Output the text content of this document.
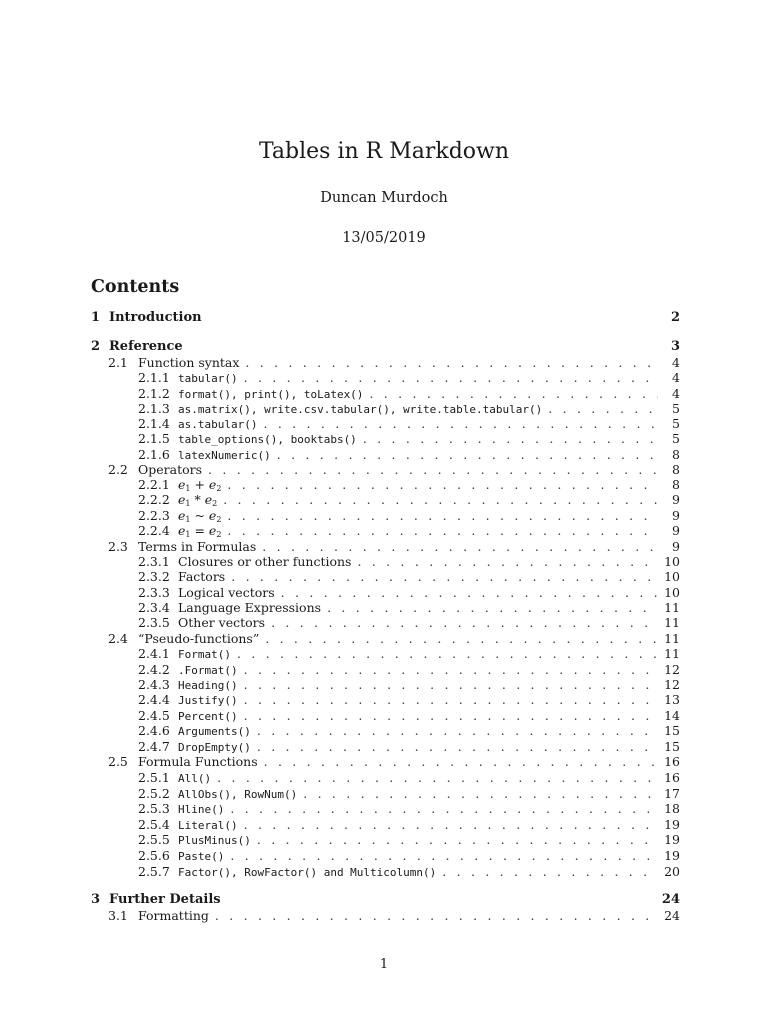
Tables in R Markdown
Duncan Murdoch
13/05/2019
Contents
1 Introduction	2
2 Reference	3
2.1 Function syntax . . .	4
2.1.1 tabular() . . .	4
2.1.2 format(), print(), toLatex() . . .	4
2.1.3 as.matrix(), write.csv.tabular(), write.table.tabular() . . .	5
2.1.4 as.tabular() . . .	5
2.1.5 table_options(), booktabs() . . .	5
2.1.6 latexNumeric() . . .	8
2.2 Operators . . .	8
2.2.1 $e_1 + e_2$ . . .	8
2.2.2 $e_1 * e_2$ . . .	9
2.2.3 $e_1$ ~ $e_2$ . . .	9
2.2.4 $e_1 = e_2$ . . .	9
2.3 Terms in Formulas . . .	9
2.3.1 Closures or other functions . . .	10
2.3.2 Factors . . .	10
2.3.3 Logical vectors . . .	10
2.3.4 Language Expressions . . .	11
2.3.5 Other vectors . . .	11
2.4 “Pseudo-functions” . . .	11
2.4.1 Format() . . .	11
2.4.2 .Format() . . .	12
2.4.3 Heading() . . .	12
2.4.4 Justify() . . .	13
2.4.5 Percent() . . .	14
2.4.6 Arguments() . . .	15
2.4.7 DropEmpty() . . .	15
2.5 Formula Functions . . .	16
2.5.1 All() . . .	16
2.5.2 AllObs(), RowNum() . . .	17
2.5.3 Hline() . . .	18
2.5.4 Literal() . . .	19
2.5.5 PlusMinus() . . .	19
2.5.6 Paste() . . .	19
2.5.7 Factor(), RowFactor() and Multicolumn() . . .	20
3 Further Details	24
3.1 Formatting . . .	24
1
